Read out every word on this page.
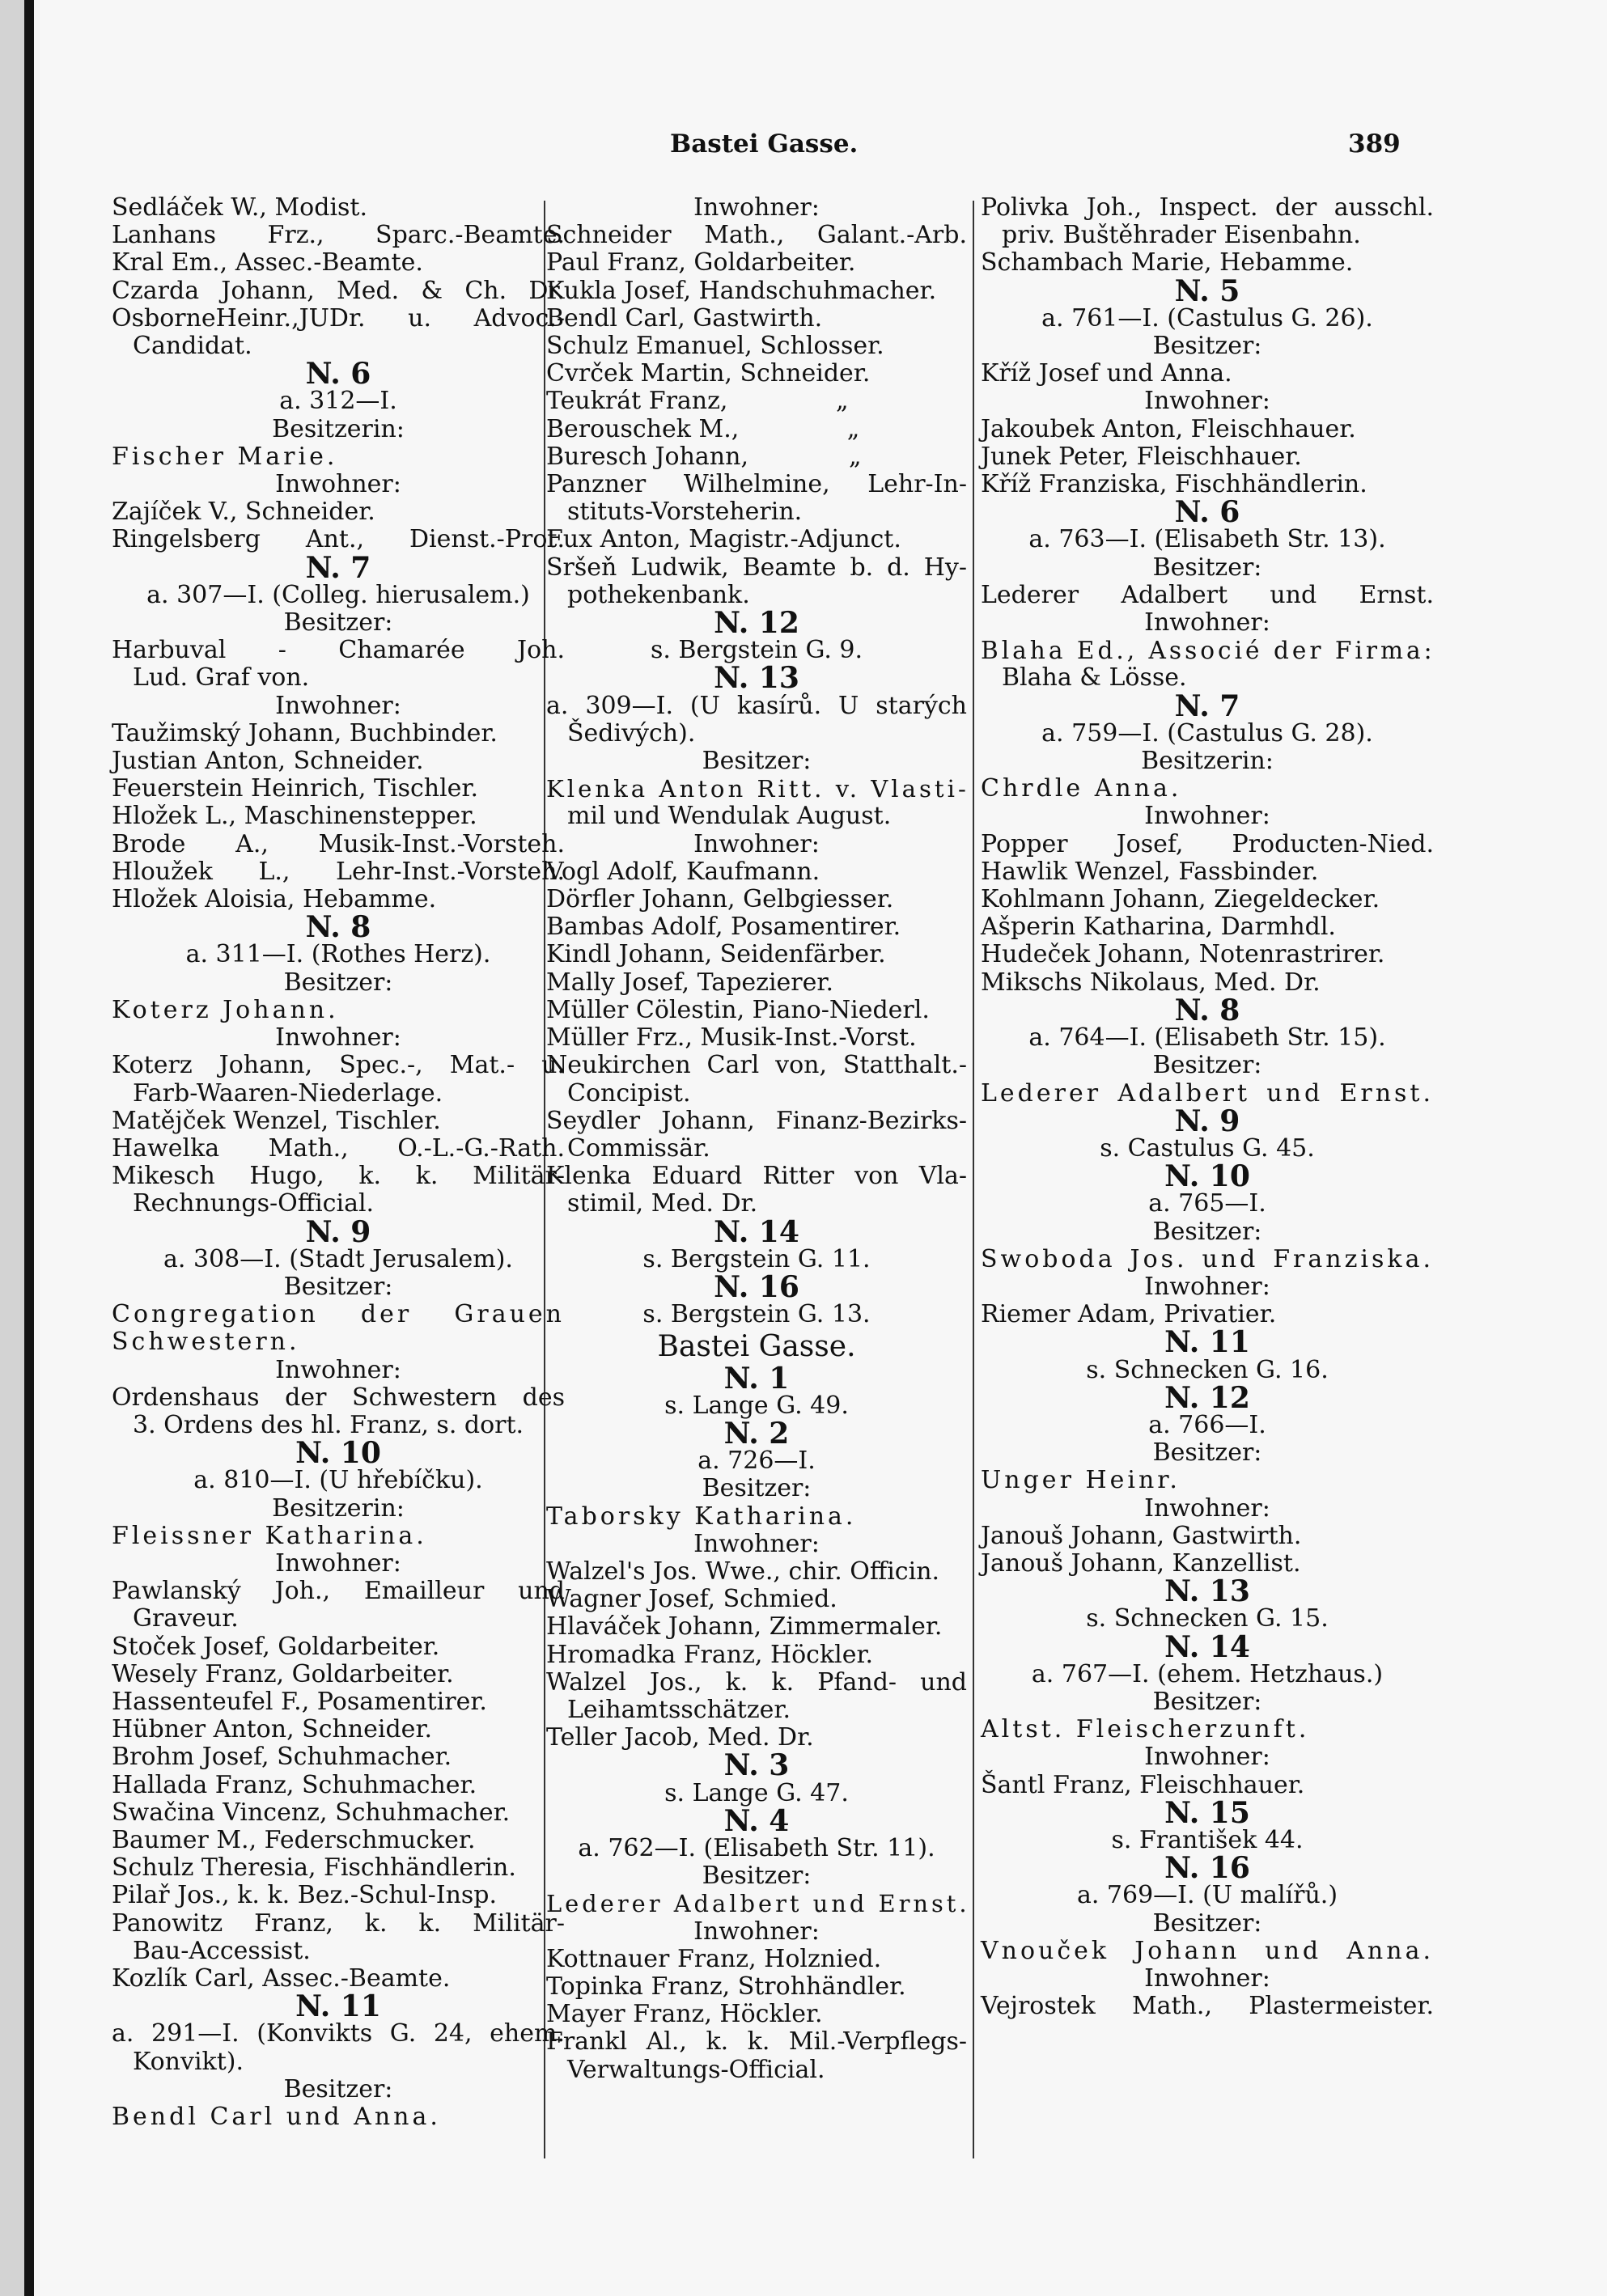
Bastei Gasse.	389
Sedláček W., Modist.
Lanhans Frz., Sparc.-Beamte.
Kral Em., Assec.-Beamte.
Czarda Johann, Med. & Ch. Dr.
OsborneHeinr.,JUDr. u. Advoc.-
Candidat.
N. 6
a. 312—I.
Besitzerin:
Fischer Marie.
Inwohner:
Zajíček V., Schneider.
Ringelsberg Ant., Dienst.-Prot.
N. 7
a. 307—I. (Colleg. hierusalem.)
Besitzer:
Harbuval - Chamarée Joh.
Lud. Graf von.
Inwohner:
Taužimský Johann, Buchbinder.
Justian Anton, Schneider.
Feuerstein Heinrich, Tischler.
Hložek L., Maschinenstepper.
Brode A., Musik-Inst.-Vorsteh.
Hloužek L., Lehr-Inst.-Vorsteh.
Hložek Aloisia, Hebamme.
N. 8
a. 311—I. (Rothes Herz).
Besitzer:
Koterz Johann.
Inwohner:
Koterz Johann, Spec.-, Mat.- u.
Farb-Waaren-Niederlage.
Matějček Wenzel, Tischler.
Hawelka Math., O.-L.-G.-Rath.
Mikesch Hugo, k. k. Militär-
Rechnungs-Official.
N. 9
a. 308—I. (Stadt Jerusalem).
Besitzer:
Congregation der Grauen
Schwestern.
Inwohner:
Ordenshaus der Schwestern des
3. Ordens des hl. Franz, s. dort.
N. 10
a. 810—I. (U hřebíčku).
Besitzerin:
Fleissner Katharina.
Inwohner:
Pawlanský Joh., Emailleur und
Graveur.
Stoček Josef, Goldarbeiter.
Wesely Franz, Goldarbeiter.
Hassenteufel F., Posamentirer.
Hübner Anton, Schneider.
Brohm Josef, Schuhmacher.
Hallada Franz, Schuhmacher.
Swačina Vincenz, Schuhmacher.
Baumer M., Federschmucker.
Schulz Theresia, Fischhändlerin.
Pilař Jos., k. k. Bez.-Schul-Insp.
Panowitz Franz, k. k. Militär-
Bau-Accessist.
Kozlík Carl, Assec.-Beamte.
N. 11
a. 291—I. (Konvikts G. 24, ehem.
Konvikt).
Besitzer:
Bendl Carl und Anna.
Inwohner:
Schneider Math., Galant.-Arb.
Paul Franz, Goldarbeiter.
Kukla Josef, Handschuhmacher.
Bendl Carl, Gastwirth.
Schulz Emanuel, Schlosser.
Cvrček Martin, Schneider.
Teukrát Franz,              „
Berouschek M.,              „
Buresch Johann,             „
Panzner Wilhelmine, Lehr-In-
stituts-Vorsteherin.
Fux Anton, Magistr.-Adjunct.
Sršeň Ludwik, Beamte b. d. Hy-
pothekenbank.
N. 12
s. Bergstein G. 9.
N. 13
a. 309—I. (U kasírů. U starých
Šedivých).
Besitzer:
Klenka Anton Ritt. v. Vlasti-
mil und Wendulak August.
Inwohner:
Vogl Adolf, Kaufmann.
Dörfler Johann, Gelbgiesser.
Bambas Adolf, Posamentirer.
Kindl Johann, Seidenfärber.
Mally Josef, Tapezierer.
Müller Cölestin, Piano-Niederl.
Müller Frz., Musik-Inst.-Vorst.
Neukirchen Carl von, Statthalt.-
Concipist.
Seydler Johann, Finanz-Bezirks-
Commissär.
Klenka Eduard Ritter von Vla-
stimil, Med. Dr.
N. 14
s. Bergstein G. 11.
N. 16
s. Bergstein G. 13.
Bastei Gasse.
N. 1
s. Lange G. 49.
N. 2
a. 726—I.
Besitzer:
Taborsky Katharina.
Inwohner:
Walzel's Jos. Wwe., chir. Officin.
Wagner Josef, Schmied.
Hlaváček Johann, Zimmermaler.
Hromadka Franz, Höckler.
Walzel Jos., k. k. Pfand- und
Leihamtsschätzer.
Teller Jacob, Med. Dr.
N. 3
s. Lange G. 47.
N. 4
a. 762—I. (Elisabeth Str. 11).
Besitzer:
Lederer Adalbert und Ernst.
Inwohner:
Kottnauer Franz, Holznied.
Topinka Franz, Strohhändler.
Mayer Franz, Höckler.
Frankl Al., k. k. Mil.-Verpflegs-
Verwaltungs-Official.
Polivka Joh., Inspect. der ausschl.
priv. Buštěhrader Eisenbahn.
Schambach Marie, Hebamme.
N. 5
a. 761—I. (Castulus G. 26).
Besitzer:
Kříž Josef und Anna.
Inwohner:
Jakoubek Anton, Fleischhauer.
Junek Peter, Fleischhauer.
Kříž Franziska, Fischhändlerin.
N. 6
a. 763—I. (Elisabeth Str. 13).
Besitzer:
Lederer Adalbert und Ernst.
Inwohner:
Blaha Ed., Associé der Firma:
Blaha & Lösse.
N. 7
a. 759—I. (Castulus G. 28).
Besitzerin:
Chrdle Anna.
Inwohner:
Popper Josef, Producten-Nied.
Hawlik Wenzel, Fassbinder.
Kohlmann Johann, Ziegeldecker.
Ašperin Katharina, Darmhdl.
Hudeček Johann, Notenrastrirer.
Mikschs Nikolaus, Med. Dr.
N. 8
a. 764—I. (Elisabeth Str. 15).
Besitzer:
Lederer Adalbert und Ernst.
N. 9
s. Castulus G. 45.
N. 10
a. 765—I.
Besitzer:
Swoboda Jos. und Franziska.
Inwohner:
Riemer Adam, Privatier.
N. 11
s. Schnecken G. 16.
N. 12
a. 766—I.
Besitzer:
Unger Heinr.
Inwohner:
Janouš Johann, Gastwirth.
Janouš Johann, Kanzellist.
N. 13
s. Schnecken G. 15.
N. 14
a. 767—I. (ehem. Hetzhaus.)
Besitzer:
Altst. Fleischerzunft.
Inwohner:
Šantl Franz, Fleischhauer.
N. 15
s. František 44.
N. 16
a. 769—I. (U malířů.)
Besitzer:
Vnouček Johann und Anna.
Inwohner:
Vejrostek Math., Plastermeister.
